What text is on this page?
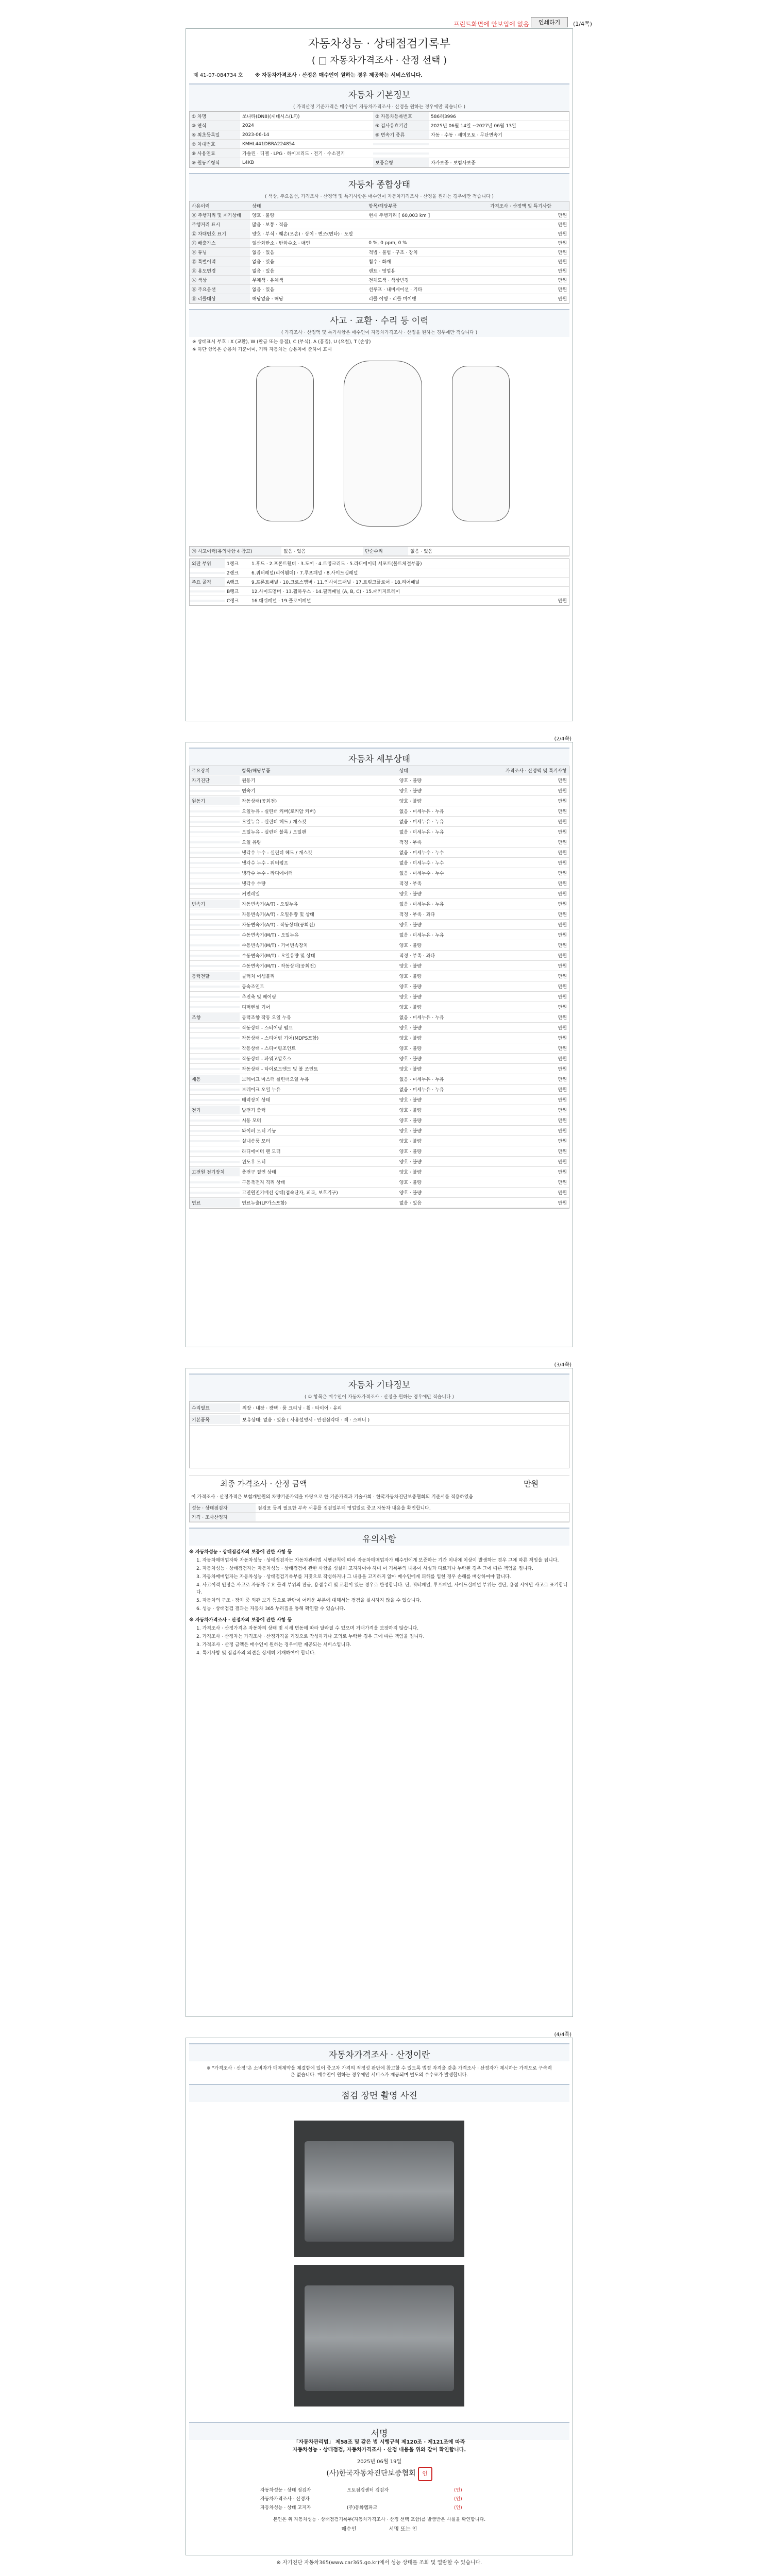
프린트화면에 안보입에 없음	인쇄하기	(1/4쪽)
자동차성능 · 상태점검기록부
( □ 자동차가격조사 · 산정 선택 )
제 41-07-084734 호 ※ 자동차가격조사 · 산정은 매수인이 원하는 경우 제공하는 서비스입니다.
자동차 기본정보
( 가격산정 기준가격은 매수인이 자동차가격조사 · 산정을 원하는 경우에만 적습니다 )
① 차명	쏘나타(DN8)(제네시스(LF))	② 자동차등록번호	586허3996
③ 연식	2024	④ 검사유효기간	2025년 06월 14일 ~2027년 06월 13일
⑤ 최초등록일	2023-06-14	⑥ 변속기 종류	자동 · 수동 · 세미오토 · 무단변속기
⑦ 차대번호	KMHL441DBRA224854
⑧ 사용연료	가솔린 · 디젤 · LPG · 하이브리드 · 전기 · 수소전기
⑨ 원동기형식	L4KB	보증유형	자가보증 · 보험사보증
자동차 종합상태
( 색상, 주요옵션, 가격조사 · 산정액 및 특기사항은 매수인이 자동차가격조사 · 산정을 원하는 경우에만 적습니다 )
사용이력	상태	항목/해당부품	가격조사 · 산정액 및 특기사항
⑪ 주행거리 및 계기상태	양호 · 불량	현재 주행거리 [ 60,003 km ]	만원
주행거리 표시	많음 · 보통 · 적음	만원
⑫ 차대번호 표기	양호 · 부식 · 훼손(오손) · 상이 · 변조(변타) · 도말	만원
⑬ 배출가스	일산화탄소 · 탄화수소 · 매연	0 %, 0 ppm, 0 %	만원
⑭ 튜닝	없음 · 있음	적법 · 불법 · 구조 · 장치	만원
⑮ 특별이력	없음 · 있음	침수 · 화재	만원
⑯ 용도변경	없음 · 있음	렌트 · 영업용	만원
⑰ 색상	무채색 · 유채색	전체도색 · 색상변경	만원
⑱ 주요옵션	없음 · 있음	선루프 · 내비게이션 · 기타	만원
⑲ 리콜대상	해당없음 · 해당	리콜 이행 · 리콜 미이행	만원
사고 · 교환 · 수리 등 이력
( 가격조사 · 산정액 및 특기사항은 매수인이 자동차가격조사 · 산정을 원하는 경우에만 적습니다 )
※ 상태표시 부호 : X (교환), W (판금 또는 용접), C (부식), A (흠집), U (요철), T (손상)
※ 하단 항목은 승용차 기준이며, 기타 자동차는 승용차에 준하여 표시
⑳ 사고이력(유의사항 4 참고)	없음 · 있음	단순수리	없음 · 있음
외판 부위	1랭크	1.후드 · 2.프론트휀더 · 3.도어 · 4.트렁크리드 · 5.라디에이터 서포트(볼트체결부품)
2랭크	6.쿼터패널(리어휀더) · 7.루프패널 · 8.사이드실패널
주요 골격	A랭크	9.프론트패널 · 10.크로스멤버 · 11.인사이드패널 · 17.트렁크플로어 · 18.리어패널
B랭크	12.사이드멤버 · 13.휠하우스 · 14.필러패널 (A, B, C) · 15.패키지트레이
C랭크	16.대쉬패널 · 19.플로어패널	만원
(2/4쪽)
자동차 세부상태
주요장치	항목/해당부품	상태	가격조사 · 산정액 및 특기사항
자기진단	원동기	양호 · 불량	만원
변속기	양호 · 불량	만원
원동기	작동상태(공회전)	양호 · 불량	만원
오일누유 - 실린더 커버(로커암 커버)	없음 · 미세누유 · 누유	만원
오일누유 - 실린더 헤드 / 개스킷	없음 · 미세누유 · 누유	만원
오일누유 - 실린더 블록 / 오일팬	없음 · 미세누유 · 누유	만원
오일 유량	적정 · 부족	만원
냉각수 누수 - 실린더 헤드 / 개스킷	없음 · 미세누수 · 누수	만원
냉각수 누수 - 워터펌프	없음 · 미세누수 · 누수	만원
냉각수 누수 - 라디에이터	없음 · 미세누수 · 누수	만원
냉각수 수량	적정 · 부족	만원
커먼레일	양호 · 불량	만원
변속기	자동변속기(A/T) - 오일누유	없음 · 미세누유 · 누유	만원
자동변속기(A/T) - 오일유량 및 상태	적정 · 부족 · 과다	만원
자동변속기(A/T) - 작동상태(공회전)	양호 · 불량	만원
수동변속기(M/T) - 오일누유	없음 · 미세누유 · 누유	만원
수동변속기(M/T) - 기어변속장치	양호 · 불량	만원
수동변속기(M/T) - 오일유량 및 상태	적정 · 부족 · 과다	만원
수동변속기(M/T) - 작동상태(공회전)	양호 · 불량	만원
동력전달	클러치 어셈블리	양호 · 불량	만원
등속조인트	양호 · 불량	만원
추진축 및 베어링	양호 · 불량	만원
디퍼렌셜 기어	양호 · 불량	만원
조향	동력조향 작동 오일 누유	없음 · 미세누유 · 누유	만원
작동상태 - 스티어링 펌프	양호 · 불량	만원
작동상태 - 스티어링 기어(MDPS포함)	양호 · 불량	만원
작동상태 - 스티어링조인트	양호 · 불량	만원
작동상태 - 파워고압호스	양호 · 불량	만원
작동상태 - 타이로드엔드 및 볼 조인트	양호 · 불량	만원
제동	브레이크 마스터 실린더오일 누유	없음 · 미세누유 · 누유	만원
브레이크 오일 누유	없음 · 미세누유 · 누유	만원
배력장치 상태	양호 · 불량	만원
전기	발전기 출력	양호 · 불량	만원
시동 모터	양호 · 불량	만원
와이퍼 모터 기능	양호 · 불량	만원
실내송풍 모터	양호 · 불량	만원
라디에이터 팬 모터	양호 · 불량	만원
윈도우 모터	양호 · 불량	만원
고전원 전기장치	충전구 절연 상태	양호 · 불량	만원
구동축전지 격리 상태	양호 · 불량	만원
고전원전기배선 상태(접속단자, 피복, 보호기구)	양호 · 불량	만원
연료	연료누출(LP가스포함)	없음 · 있음	만원
(3/4쪽)
자동차 기타정보
( ① 항목은 매수인이 자동차가격조사 · 산정을 원하는 경우에만 적습니다 )
수리필요	외장 · 내장 · 광택 · 룸 크리닝 · 휠 · 타이어 · 유리
기본품목	보유상태: 없음 · 있음 ( 사용설명서 · 안전삼각대 · 잭 · 스패너 )
최종 가격조사 · 산정 금액	만원
이 가격조사 · 산정가격은 보험개발원의 차량기준가액을 바탕으로 한 기준가격과 기술사회 · 한국자동차진단보증협회의 기준서를 적용하였음
성능 · 상태점검자	점검표 등의 필요한 부속 서류를 점검일부터 영업일로 중고 자동차 내용을 확인합니다.
가격 · 조사산정자
유의사항

※ 자동차성능 · 상태점검자의 보증에 관한 사항 등

1. 자동차매매업자와 자동차성능 · 상태점검자는 자동차관리법 시행규칙에 따라 자동차매매업자가 매수인에게 보증하는 기간 이내에 이상이 발생하는 경우 그에 따른 책임을 집니다.

2. 자동차성능 · 상태점검자는 자동차성능 · 상태점검에 관한 사항을 성실히 고지하여야 하며 이 기록부의 내용이 사실과 다르거나 누락된 경우 그에 따른 책임을 집니다.

3. 자동차매매업자는 자동차성능 · 상태점검기록부를 거짓으로 작성하거나 그 내용을 고지하지 않아 매수인에게 피해를 입힌 경우 손해를 배상하여야 합니다.

4. 사고이력 인정은 사고로 자동차 주요 골격 부위의 판금, 용접수리 및 교환이 있는 경우로 한정합니다. 단, 쿼터패널, 루프패널, 사이드실패널 부위는 절단, 용접 시에만 사고로 표기합니다.

5. 자동차의 구조 · 장치 중 외관 보기 등으로 판단이 어려운 부분에 대해서는 점검을 실시하지 않을 수 있습니다.

6. 성능 · 상태점검 결과는 자동차 365 누리집을 통해 확인할 수 있습니다.

※ 자동차가격조사 · 산정자의 보증에 관한 사항 등

1. 가격조사 · 산정가격은 자동차의 상태 및 시세 변동에 따라 달라질 수 있으며 거래가격을 보장하지 않습니다.

2. 가격조사 · 산정자는 가격조사 · 산정가격을 거짓으로 작성하거나 고의로 누락한 경우 그에 따른 책임을 집니다.

3. 가격조사 · 산정 금액은 매수인이 원하는 경우에만 제공되는 서비스입니다.

4. 특기사항 및 점검자의 의견은 상세히 기재하여야 합니다.

(4/4쪽)
자동차가격조사 · 산정이란
※ "가격조사 · 산정"은 소비자가 매매계약을 체결함에 있어 중고차 가격의 적정성 판단에 참고할 수 있도록 법정 자격을 갖춘 가격조사 · 산정자가 제시하는 가격으로 구속력은 없습니다. 매수인이 원하는 경우에만 서비스가 제공되며 별도의 수수료가 발생합니다.
점검 장면 촬영 사진
서명
「자동차관리법」 제58조 및 같은 법 시행규칙 제120조 · 제121조에 따라
자동차성능 · 상태점검, 자동차가격조사 · 산정 내용을 위와 같이 확인합니다.
2025년 06월 19일
(사)한국자동차진단보증협회 인
자동차성능 · 상태 점검자	오토점검센터 검검자	(인)
자동차가격조사 · 산정자	(인)
자동차성능 · 상태 고지자	(주)동화엠파크	(인)
본인은 위 자동차성능 · 상태점검기록부(자동차가격조사 · 산정 선택 포함)를 발급받은 사실을 확인합니다.
매수인	서명 또는 인
※ 자기진단 자동차365(www.car365.go.kr)에서 성능 상태를 조회 및 열람할 수 있습니다.
